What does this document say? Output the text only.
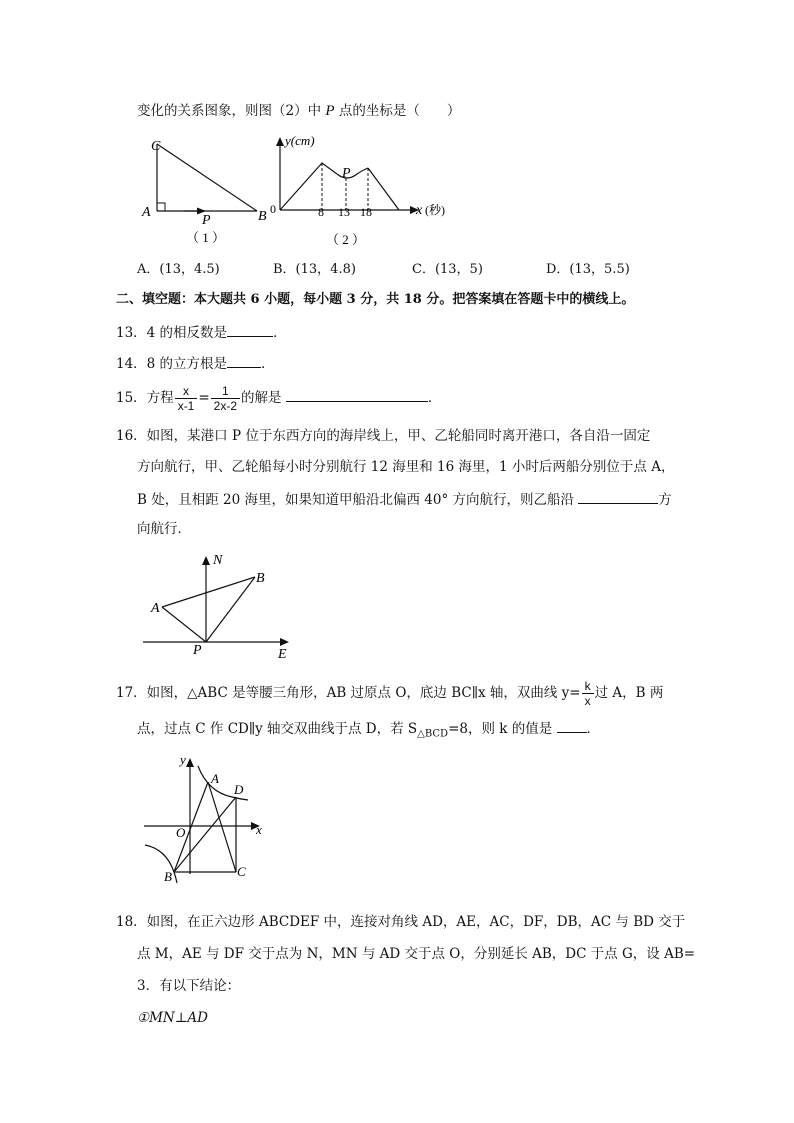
变化的关系图象，则图（2）中 P 点的坐标是（　　）
C
A	B
P
（ 1 ）
y(cm)
P
0	8 13 18	x (秒)
（ 2 ）
A．(13，4.5)	B．(13，4.8)	C．(13，5)	D．(13，5.5)
二、填空题：本大题共 6 小题，每小题 3 分，共 18 分。把答案填在答题卡中的横线上。
13．4 的相反数是	．
14．8 的立方根是	．
15．方程 $\frac{x}{x-1} = \frac{1}{2x-2}$ 的解是	．
16．如图，某港口 P 位于东西方向的海岸线上，甲、乙轮船同时离开港口，各自沿一固定
方向航行，甲、乙轮船每小时分别航行 12 海里和 16 海里，1 小时后两船分别位于点 A，
B 处，且相距 20 海里，如果知道甲船沿北偏西 40° 方向航行，则乙船沿	方
向航行．
N
A
B
P	E
17．如图，△ABC 是等腰三角形，AB 过原点 O，底边 BC∥x 轴，双曲线 $y= \frac{k}{x}$ 过 A，B 两
点，过点 C 作 CD∥y 轴交双曲线于点 D，若 $S_{\triangle BCD}=8$，则 k 的值是	．
y
A
D
O	x
B	C
18．如图，在正六边形 ABCDEF 中，连接对角线 AD，AE，AC，DF，DB，AC 与 BD 交于
点 M，AE 与 DF 交于点为 N，MN 与 AD 交于点 O，分别延长 AB，DC 于点 G，设 AB=
3．有以下结论：
①MN⊥AD
